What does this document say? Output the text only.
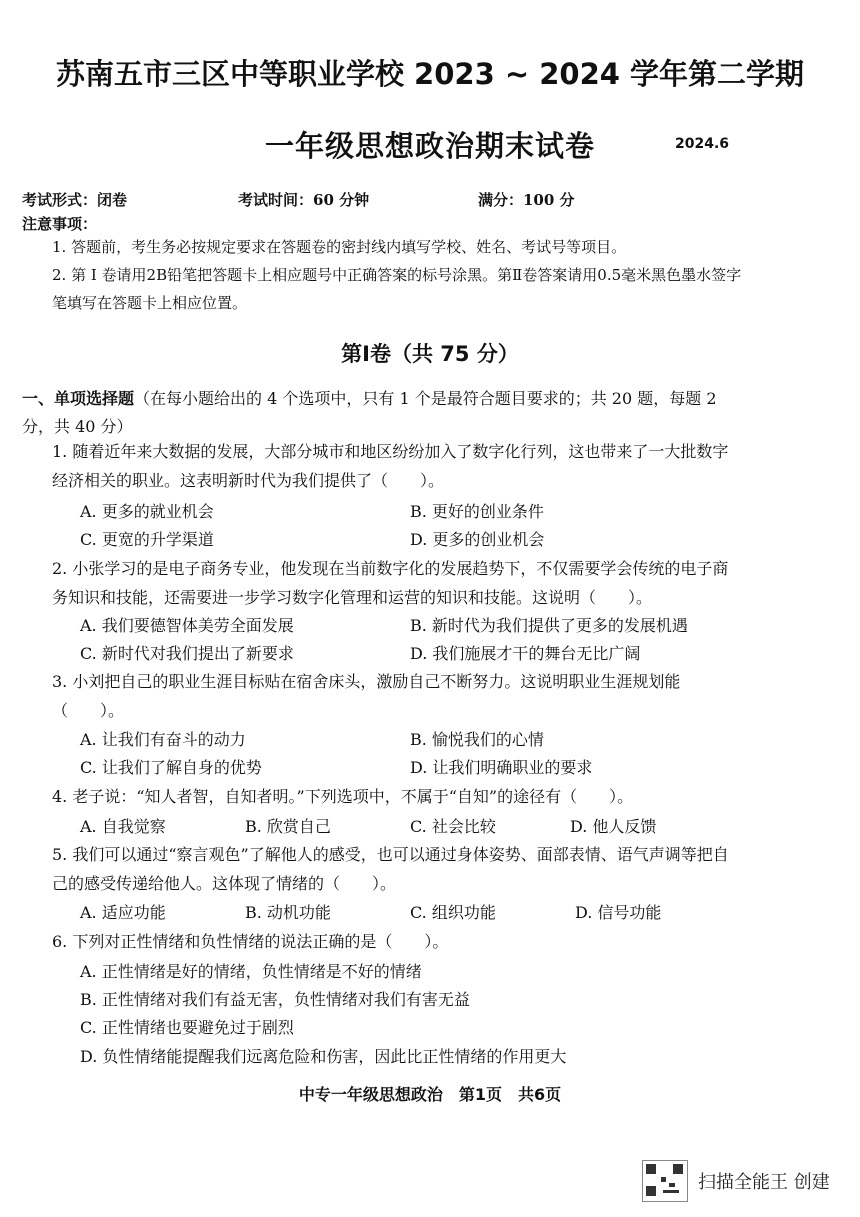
苏南五市三区中等职业学校 2023 ~ 2024 学年第二学期
一年级思想政治期末试卷	2024.6
考试形式：闭卷	考试时间：60 分钟	满分：100 分
注意事项：
1. 答题前，考生务必按规定要求在答题卷的密封线内填写学校、姓名、考试号等项目。
2. 第 Ⅰ 卷请用2B铅笔把答题卡上相应题号中正确答案的标号涂黑。第Ⅱ卷答案请用0.5毫米黑色墨水签字笔填写在答题卡上相应位置。
第Ⅰ卷（共 75 分）
一、单项选择题（在每小题给出的 4 个选项中，只有 1 个是最符合题目要求的；共 20 题，每题 2 分，共 40 分）
1. 随着近年来大数据的发展，大部分城市和地区纷纷加入了数字化行列，这也带来了一大批数字经济相关的职业。这表明新时代为我们提供了（　　）。
A. 更多的就业机会	B. 更好的创业条件
C. 更宽的升学渠道	D. 更多的创业机会
2. 小张学习的是电子商务专业，他发现在当前数字化的发展趋势下，不仅需要学会传统的电子商务知识和技能，还需要进一步学习数字化管理和运营的知识和技能。这说明（　　）。
A. 我们要德智体美劳全面发展	B. 新时代为我们提供了更多的发展机遇
C. 新时代对我们提出了新要求	D. 我们施展才干的舞台无比广阔
3. 小刘把自己的职业生涯目标贴在宿舍床头，激励自己不断努力。这说明职业生涯规划能（　　）。
A. 让我们有奋斗的动力	B. 愉悦我们的心情
C. 让我们了解自身的优势	D. 让我们明确职业的要求
4. 老子说：“知人者智，自知者明。”下列选项中，不属于“自知”的途径有（　　）。
A. 自我觉察	B. 欣赏自己	C. 社会比较	D. 他人反馈
5. 我们可以通过“察言观色”了解他人的感受，也可以通过身体姿势、面部表情、语气声调等把自己的感受传递给他人。这体现了情绪的（　　）。
A. 适应功能	B. 动机功能	C. 组织功能	D. 信号功能
6. 下列对正性情绪和负性情绪的说法正确的是（　　）。
A. 正性情绪是好的情绪，负性情绪是不好的情绪
B. 正性情绪对我们有益无害，负性情绪对我们有害无益
C. 正性情绪也要避免过于剧烈
D. 负性情绪能提醒我们远离危险和伤害，因此比正性情绪的作用更大
中专一年级思想政治　第1页　共6页
扫描全能王 创建
